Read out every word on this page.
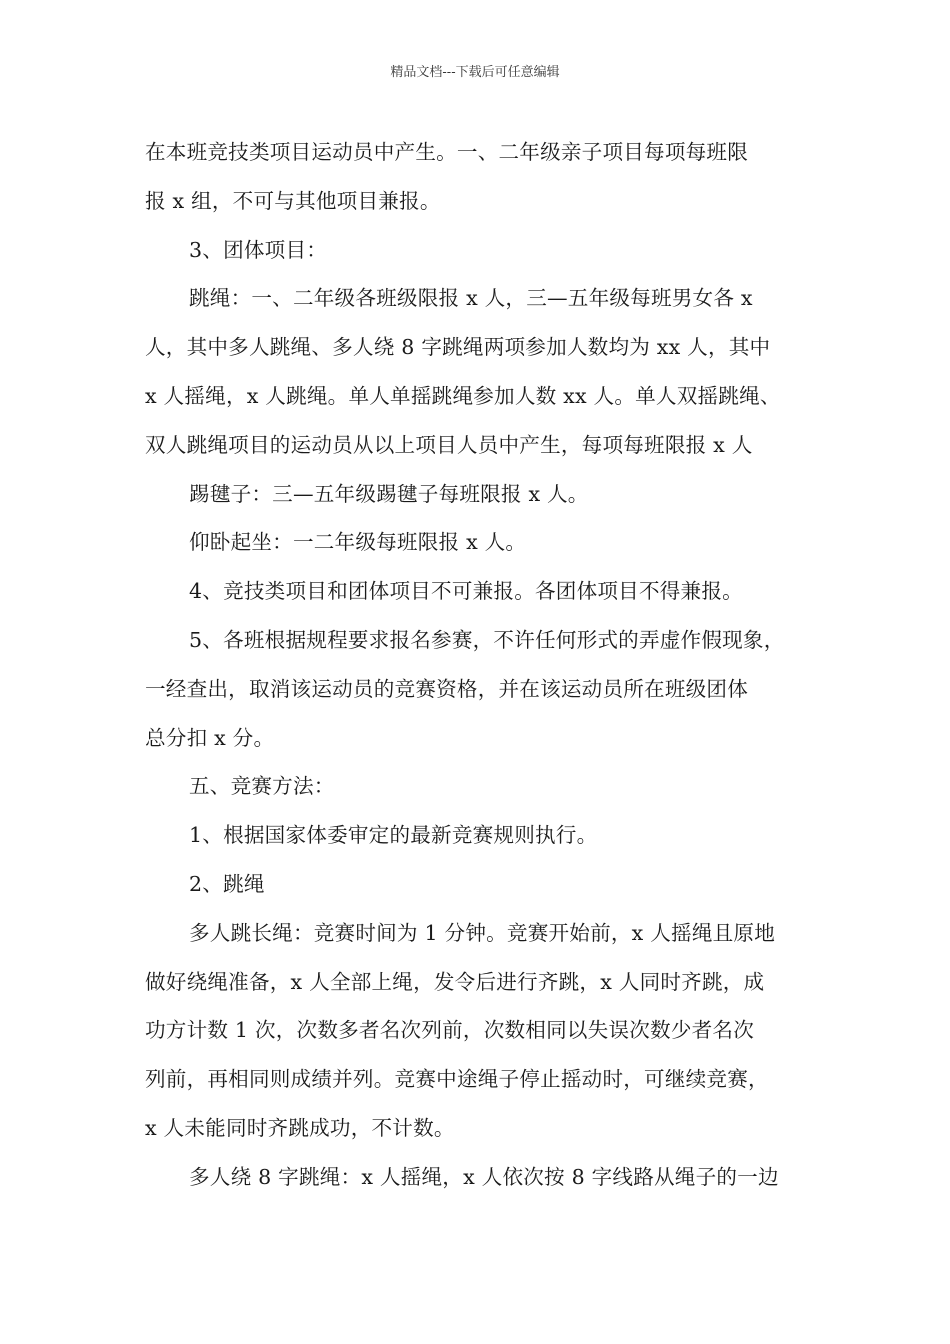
精品文档---下载后可任意编辑

在本班竞技类项目运动员中产生。一、二年级亲子项目每项每班限

报 x 组，不可与其他项目兼报。

3、团体项目：

跳绳：一、二年级各班级限报 x 人，三—五年级每班男女各 x

人，其中多人跳绳、多人绕 8 字跳绳两项参加人数均为 xx 人，其中

x 人摇绳，x 人跳绳。单人单摇跳绳参加人数 xx 人。单人双摇跳绳、

双人跳绳项目的运动员从以上项目人员中产生，每项每班限报 x 人

踢毽子：三—五年级踢毽子每班限报 x 人。

仰卧起坐：一二年级每班限报 x 人。

4、竞技类项目和团体项目不可兼报。各团体项目不得兼报。

5、各班根据规程要求报名参赛，不许任何形式的弄虚作假现象，

一经查出，取消该运动员的竞赛资格，并在该运动员所在班级团体

总分扣 x 分。

五、竞赛方法：

1、根据国家体委审定的最新竞赛规则执行。

2、跳绳

多人跳长绳：竞赛时间为 1 分钟。竞赛开始前，x 人摇绳且原地

做好绕绳准备，x 人全部上绳，发令后进行齐跳，x 人同时齐跳，成

功方计数 1 次，次数多者名次列前，次数相同以失误次数少者名次

列前，再相同则成绩并列。竞赛中途绳子停止摇动时，可继续竞赛，

x 人未能同时齐跳成功，不计数。

多人绕 8 字跳绳：x 人摇绳，x 人依次按 8 字线路从绳子的一边
